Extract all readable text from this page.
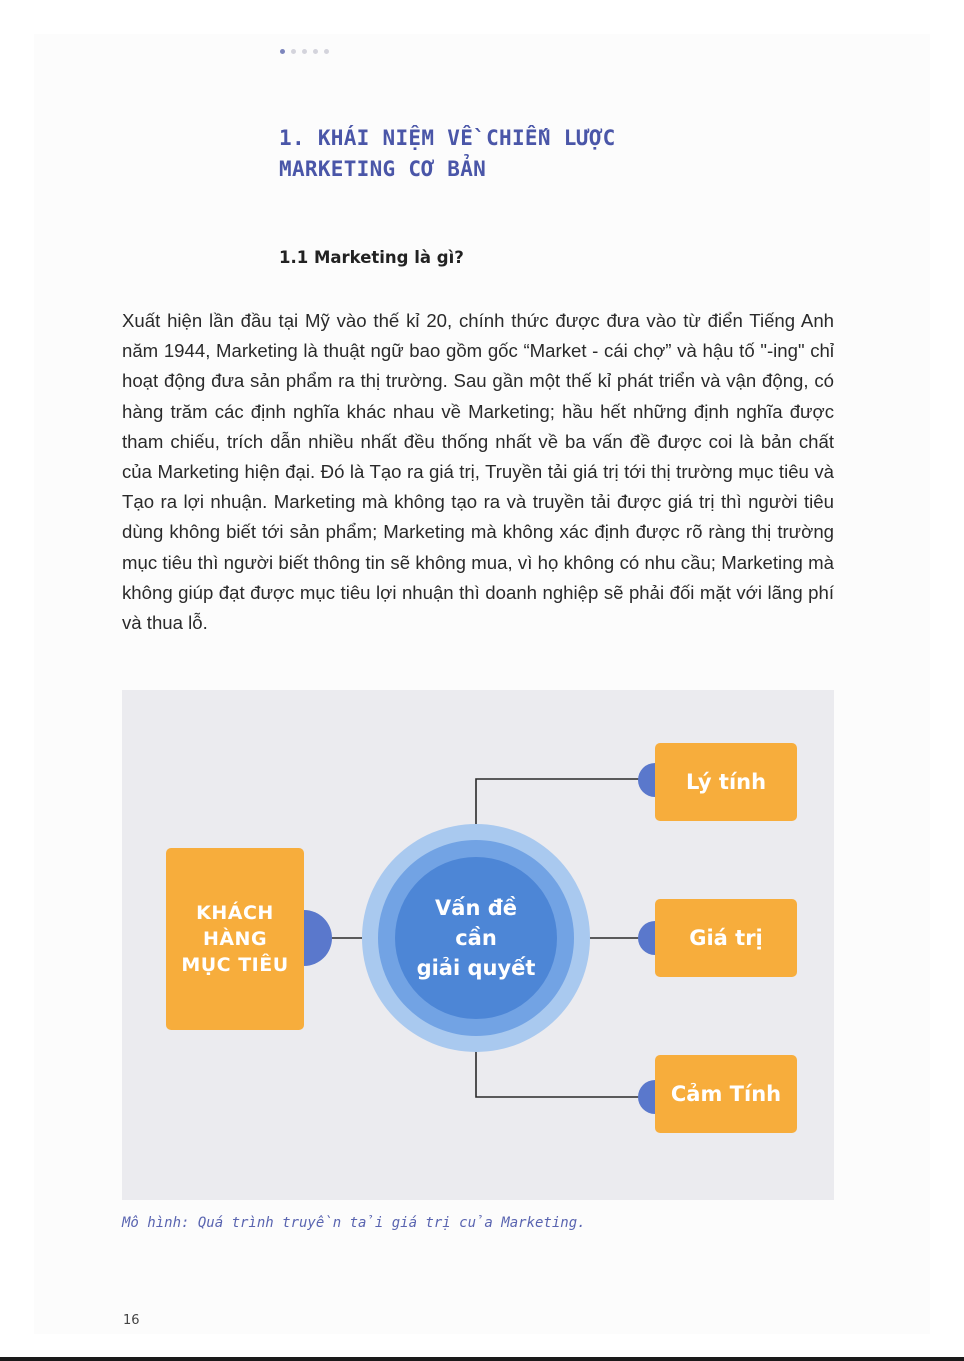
1. KHÁI NIỆM VỀ CHIẾN LƯỢC
MARKETING CƠ BẢN
1.1 Marketing là gì?
Xuất hiện lần đầu tại Mỹ vào thế kỉ 20, chính thức được đưa vào từ điển Tiếng Anh năm 1944, Marketing là thuật ngữ bao gồm gốc “Market - cái chợ” và hậu tố "-ing" chỉ hoạt động đưa sản phẩm ra thị trường. Sau gần một thế kỉ phát triển và vận động, có hàng trăm các định nghĩa khác nhau về Marketing; hầu hết những định nghĩa được tham chiếu, trích dẫn nhiều nhất đều thống nhất về ba vấn đề được coi là bản chất của Marketing hiện đại. Đó là Tạo ra giá trị, Truyền tải giá trị tới thị trường mục tiêu và Tạo ra lợi nhuận. Marketing mà không tạo ra và truyền tải được giá trị thì người tiêu dùng không biết tới sản phẩm; Marketing mà không xác định được rõ ràng thị trường mục tiêu thì người biết thông tin sẽ không mua, vì họ không có nhu cầu; Marketing mà không giúp đạt được mục tiêu lợi nhuận thì doanh nghiệp sẽ phải đối mặt với lãng phí và thua lỗ.
KHÁCH
HÀNG
MỤC TIÊU
Vấn đề
cần
giải quyết
Lý tính
Giá trị
Cảm Tính
Mô hình: Quá trình truyền tải giá trị của Marketing.
16
